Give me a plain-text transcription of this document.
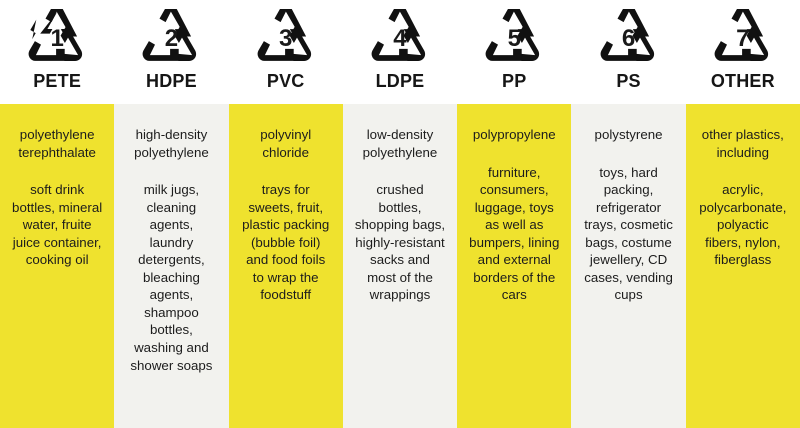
1
PETE

polyethylene terephthalate

soft drink bottles, mineral water, fruite juice container, cooking oil

2
HDPE

high-density polyethylene

milk jugs, cleaning agents, laundry detergents, bleaching agents, shampoo bottles, washing and shower soaps

3
PVC

polyvinyl chloride

trays for sweets, fruit, plastic packing (bubble foil) and food foils to wrap the foodstuff

4
LDPE

low-density polyethylene

crushed bottles, shopping bags, highly-resistant sacks and most of the wrappings

5
PP

polypropylene

furniture, consumers, luggage, toys as well as bumpers, lining and external borders of the cars

6
PS

polystyrene

toys, hard packing, refrigerator trays, cosmetic bags, costume jewellery, CD cases, vending cups

7
OTHER

other plastics, including

acrylic, polycarbonate, polyactic fibers, nylon, fiberglass
